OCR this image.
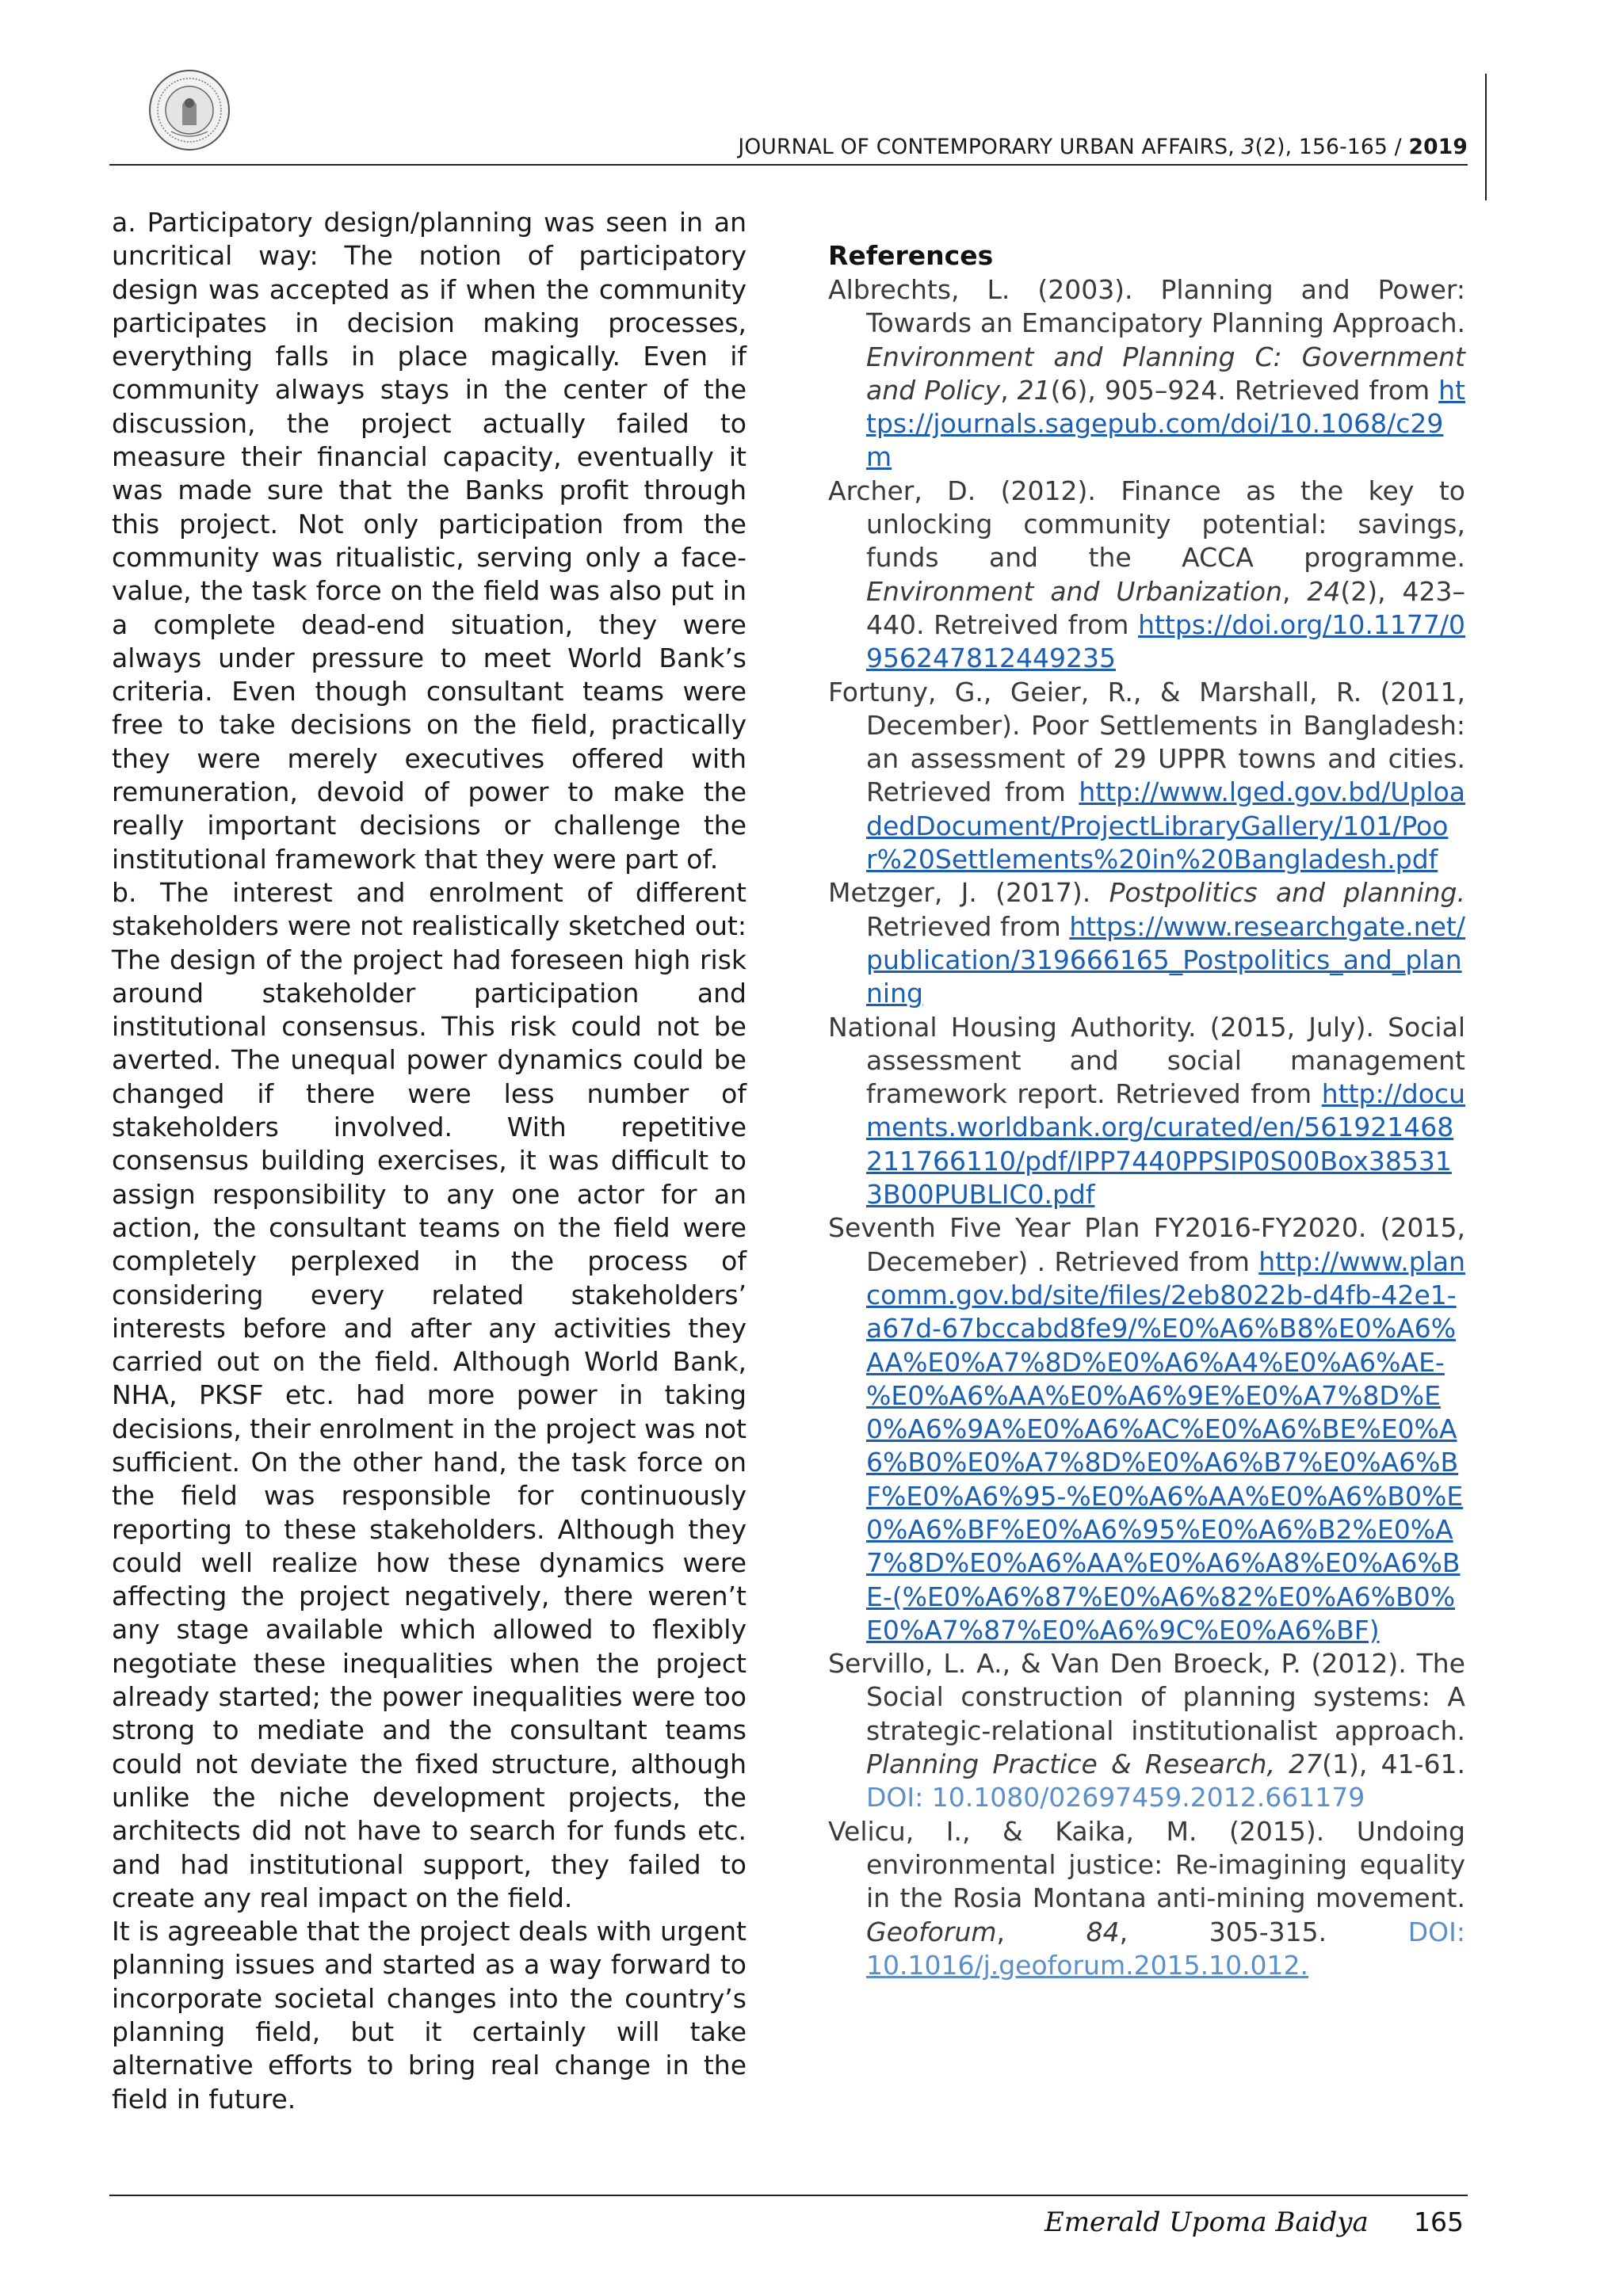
JOURNAL OF CONTEMPORARY URBAN AFFAIRS, 3(2), 156-165 / 2019

a. Participatory design/planning was seen in an uncritical way: The notion of participatory design was accepted as if when the community participates in decision making processes, everything falls in place magically. Even if community always stays in the center of the discussion, the project actually failed to measure their financial capacity, eventually it was made sure that the Banks profit through this project. Not only participation from the community was ritualistic, serving only a face-value, the task force on the field was also put in a complete dead-end situation, they were always under pressure to meet World Bank’s criteria. Even though consultant teams were free to take decisions on the field, practically they were merely executives offered with remuneration, devoid of power to make the really important decisions or challenge the institutional framework that they were part of.

b. The interest and enrolment of different stakeholders were not realistically sketched out: The design of the project had foreseen high risk around stakeholder participation and institutional consensus. This risk could not be averted. The unequal power dynamics could be changed if there were less number of stakeholders involved. With repetitive consensus building exercises, it was difficult to assign responsibility to any one actor for an action, the consultant teams on the field were completely perplexed in the process of considering every related stakeholders’ interests before and after any activities they carried out on the field. Although World Bank, NHA, PKSF etc. had more power in taking decisions, their enrolment in the project was not sufficient. On the other hand, the task force on the field was responsible for continuously reporting to these stakeholders. Although they could well realize how these dynamics were affecting the project negatively, there weren’t any stage available which allowed to flexibly negotiate these inequalities when the project already started; the power inequalities were too strong to mediate and the consultant teams could not deviate the fixed structure, although unlike the niche development projects, the architects did not have to search for funds etc. and had institutional support, they failed to create any real impact on the field.

It is agreeable that the project deals with urgent planning issues and started as a way forward to incorporate societal changes into the country’s planning field, but it certainly will take alternative efforts to bring real change in the field in future.

References

Albrechts, L. (2003). Planning and Power: Towards an Emancipatory Planning Approach. Environment and Planning C: Government and Policy, 21(6), 905–924. Retrieved from https://journals.sagepub.com/doi/10.1068/c29m

Archer, D. (2012). Finance as the key to unlocking community potential: savings, funds and the ACCA programme. Environment and Urbanization, 24(2), 423–440. Retreived from https://doi.org/10.1177/0956247812449235

Fortuny, G., Geier, R., & Marshall, R. (2011, December). Poor Settlements in Bangladesh: an assessment of 29 UPPR towns and cities. Retrieved from http://www.lged.gov.bd/UploadedDocument/ProjectLibraryGallery/101/Poor%20Settlements%20in%20Bangladesh.pdf

Metzger, J. (2017). Postpolitics and planning. Retrieved from https://www.researchgate.net/publication/319666165_Postpolitics_and_planning

National Housing Authority. (2015, July). Social assessment and social management framework report. Retrieved from http://documents.worldbank.org/curated/en/561921468211766110/pdf/IPP7440PPSIP0S00Box385313B00PUBLIC0.pdf

Seventh Five Year Plan FY2016-FY2020. (2015, Decemeber) . Retrieved from http://www.plancomm.gov.bd/site/files/2eb8022b-d4fb-42e1-a67d-67bccabd8fe9/%E0%A6%B8%E0%A6%AA%E0%A7%8D%E0%A6%A4%E0%A6%AE-%E0%A6%AA%E0%A6%9E%E0%A7%8D%E0%A6%9A%E0%A6%AC%E0%A6%BE%E0%A6%B0%E0%A7%8D%E0%A6%B7%E0%A6%BF%E0%A6%95-%E0%A6%AA%E0%A6%B0%E0%A6%BF%E0%A6%95%E0%A6%B2%E0%A7%8D%E0%A6%AA%E0%A6%A8%E0%A6%BE-(%E0%A6%87%E0%A6%82%E0%A6%B0%E0%A7%87%E0%A6%9C%E0%A6%BF)

Servillo, L. A., & Van Den Broeck, P. (2012). The Social construction of planning systems: A strategic-relational institutionalist approach. Planning Practice & Research, 27(1), 41-61. DOI: 10.1080/02697459.2012.661179

Velicu, I., & Kaika, M. (2015). Undoing environmental justice: Re-imagining equality in the Rosia Montana anti-mining movement. Geoforum, 84, 305-315. DOI: 10.1016/j.geoforum.2015.10.012.

Emerald Upoma Baidya 165
